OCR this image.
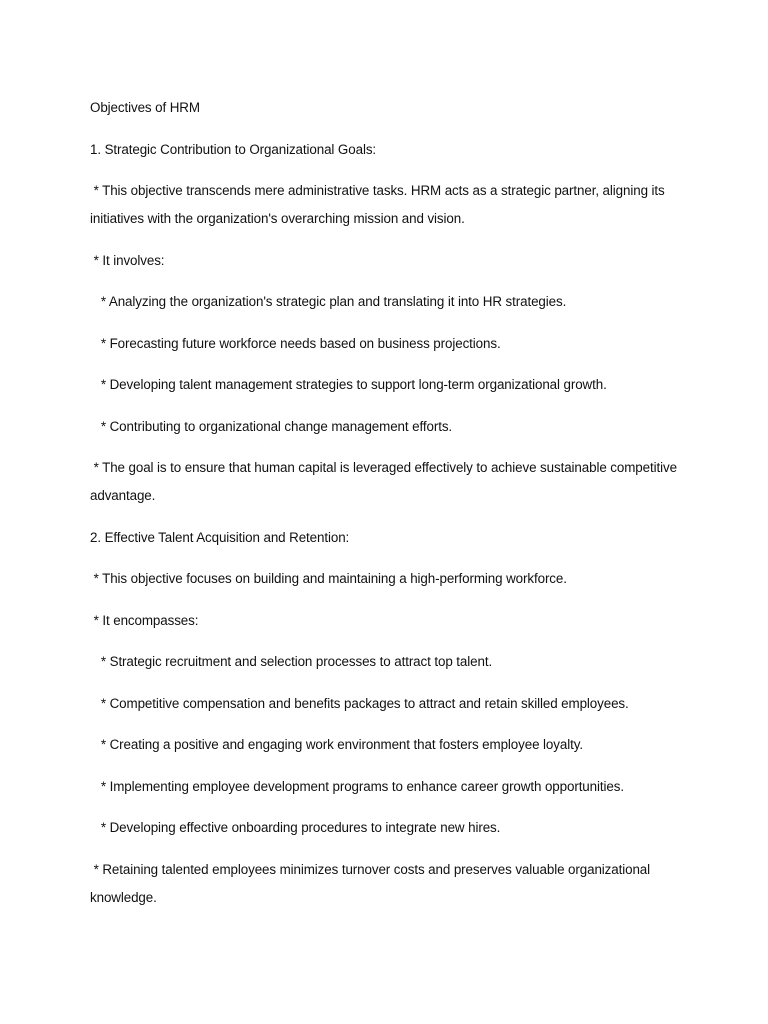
Objectives of HRM

1. Strategic Contribution to Organizational Goals:

* This objective transcends mere administrative tasks. HRM acts as a strategic partner, aligning its initiatives with the organization's overarching mission and vision.

* It involves:

* Analyzing the organization's strategic plan and translating it into HR strategies.

* Forecasting future workforce needs based on business projections.

* Developing talent management strategies to support long-term organizational growth.

* Contributing to organizational change management efforts.

* The goal is to ensure that human capital is leveraged effectively to achieve sustainable competitive advantage.

2. Effective Talent Acquisition and Retention:

* This objective focuses on building and maintaining a high-performing workforce.

* It encompasses:

* Strategic recruitment and selection processes to attract top talent.

* Competitive compensation and benefits packages to attract and retain skilled employees.

* Creating a positive and engaging work environment that fosters employee loyalty.

* Implementing employee development programs to enhance career growth opportunities.

* Developing effective onboarding procedures to integrate new hires.

* Retaining talented employees minimizes turnover costs and preserves valuable organizational knowledge.
